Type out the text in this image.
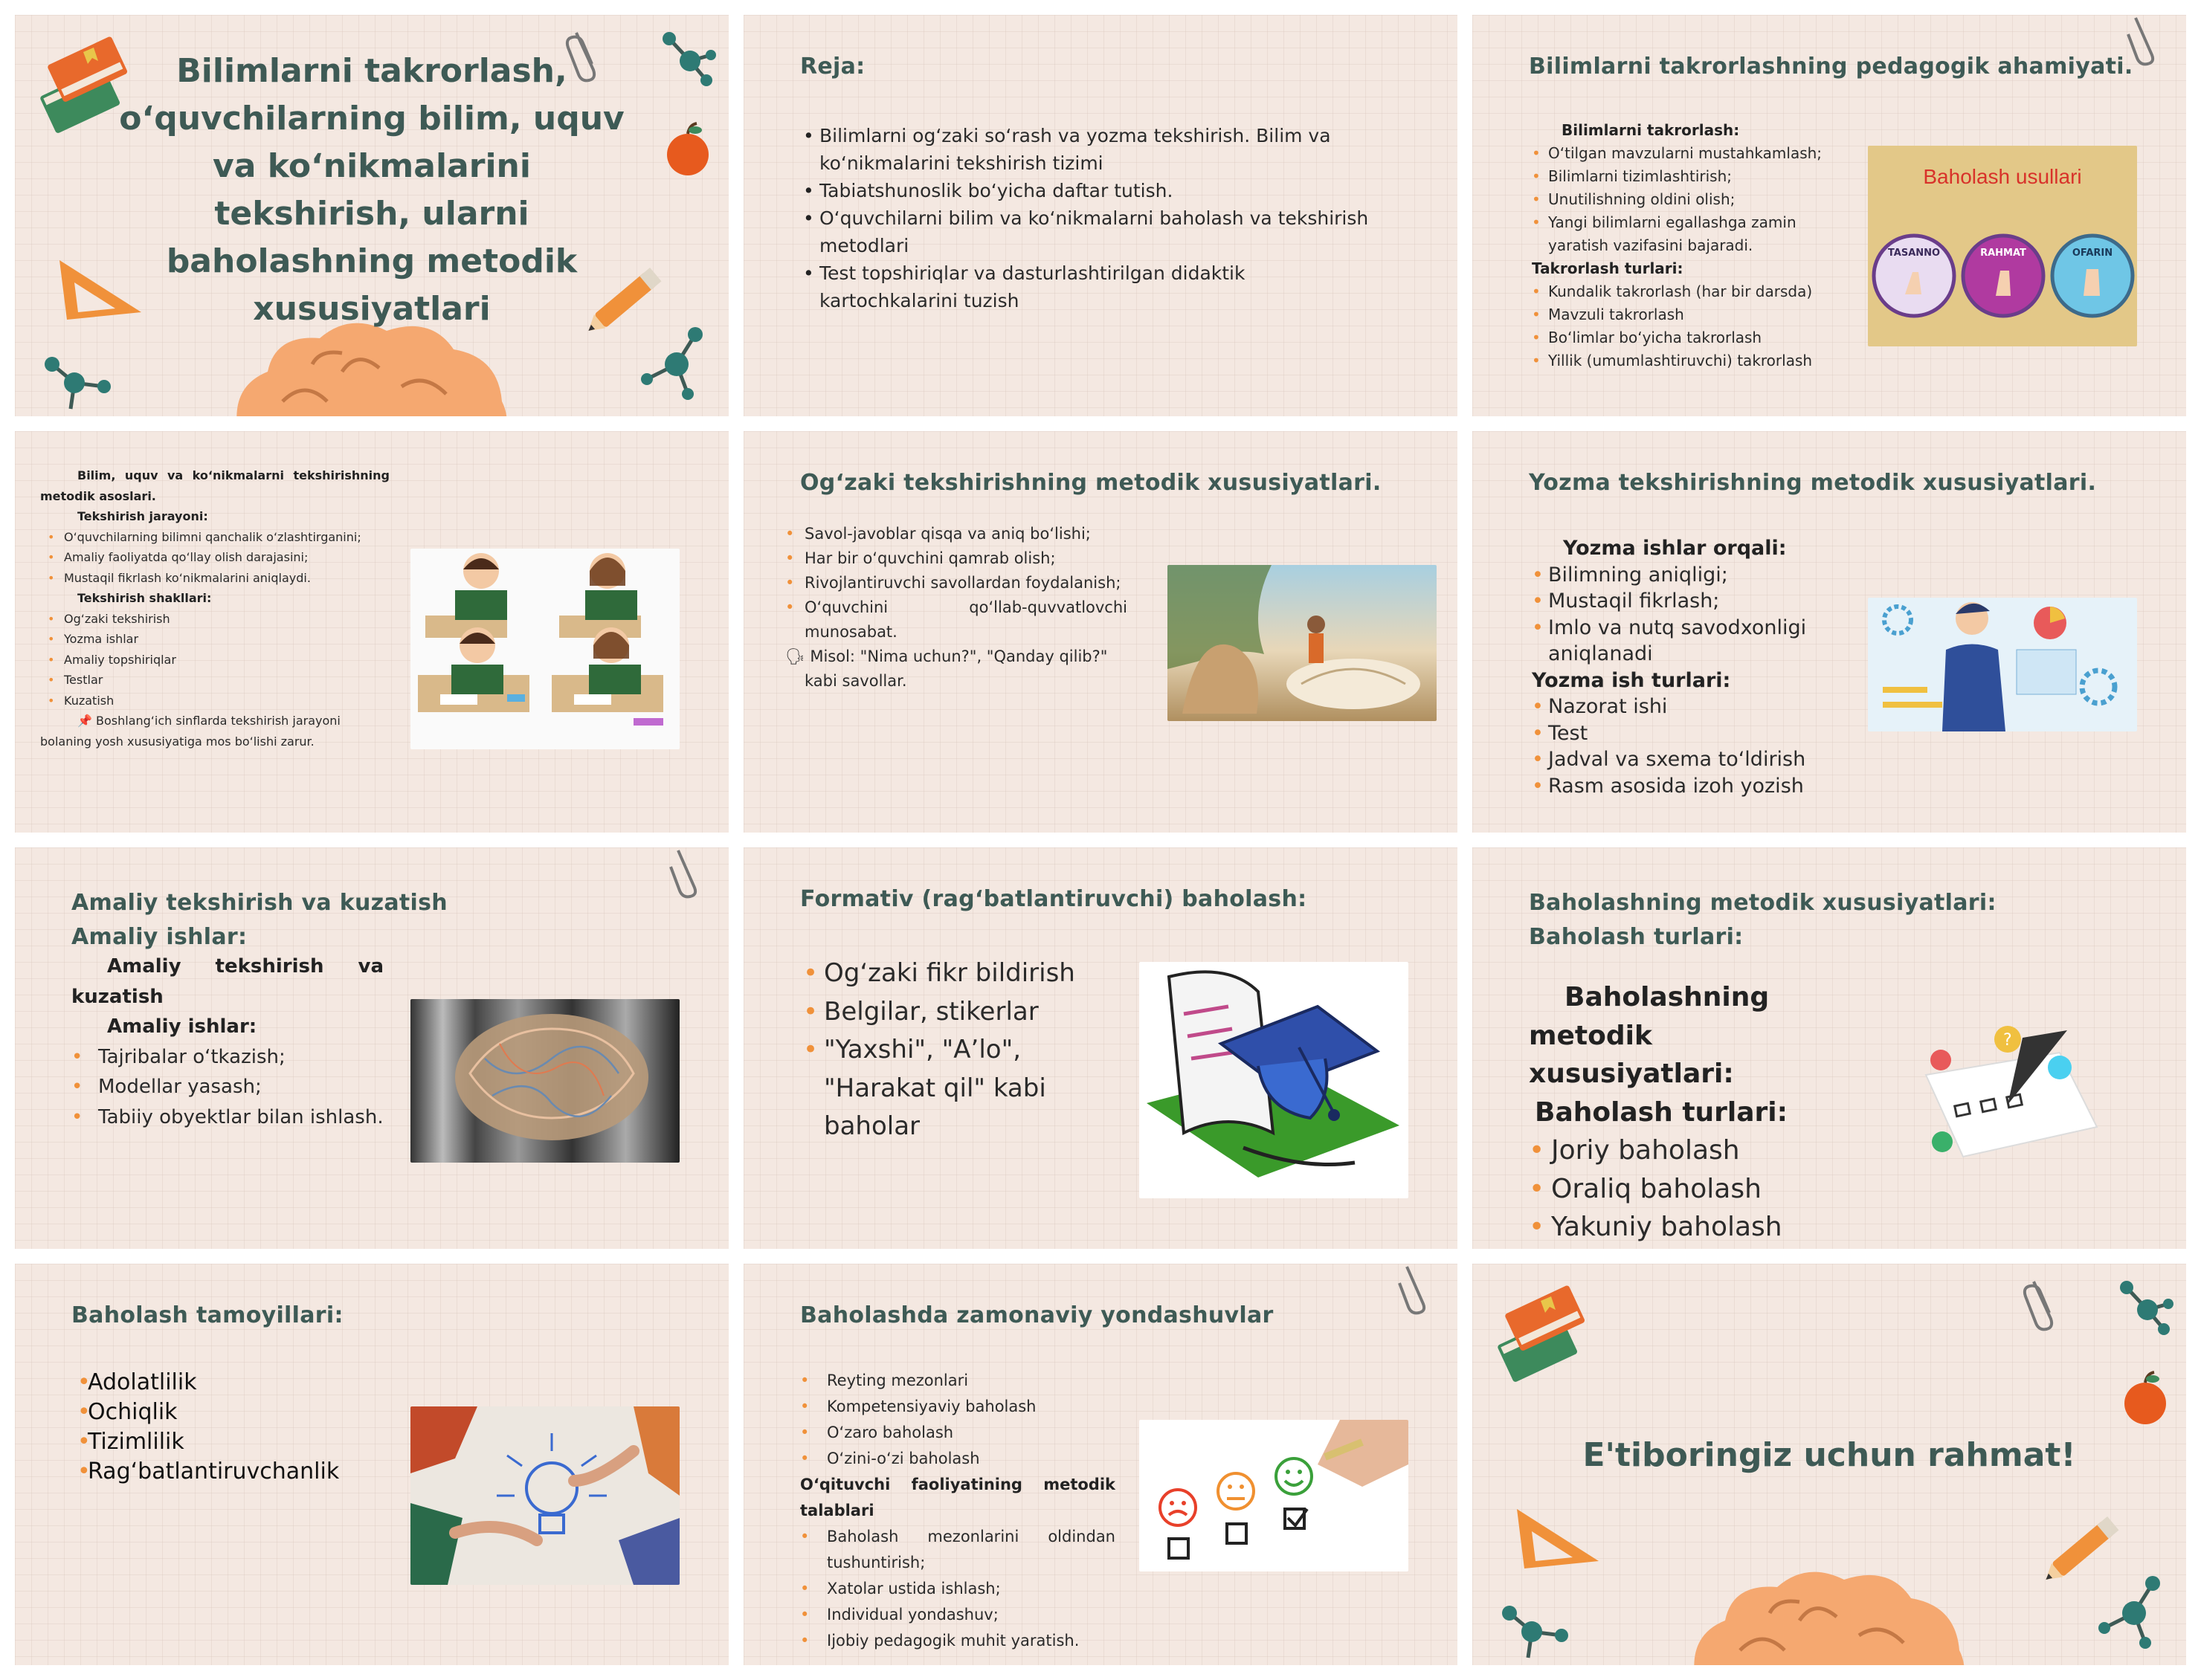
Bilimlarni takrorlash, o‘quvchilarning bilim, uquv va ko‘nikmalarini tekshirish, ularni baholashning metodik xususiyatlari
Reja:
• Bilimlarni og‘zaki so‘rash va yozma tekshirish. Bilim va ko‘nikmalarini tekshirish tizimi
• Tabiatshunoslik bo‘yicha daftar tutish.
• O‘quvchilarni bilim va ko‘nikmalarni baholash va tekshirish metodlari
• Test topshiriqlar va dasturlashtirilgan didaktik kartochkalarini tuzish
Bilimlarni takrorlashning pedagogik ahamiyati.
Bilimlarni takrorlash:
• O‘tilgan mavzularni mustahkamlash;
• Bilimlarni tizimlashtirish;
• Unutilishning oldini olish;
• Yangi bilimlarni egallashga zamin yaratish vazifasini bajaradi.
Takrorlash turlari:
• Kundalik takrorlash (har bir darsda)
• Mavzuli takrorlash
• Bo‘limlar bo‘yicha takrorlash
• Yillik (umumlashtiruvchi) takrorlash
Baholash usullari
TASANNO	RAHMAT	OFARIN
Bilim, uquv va ko‘nikmalarni tekshirishning metodik asoslari.
Tekshirish jarayoni:
• O‘quvchilarning bilimni qanchalik o‘zlashtirganini;
• Amaliy faoliyatda qo‘llay olish darajasini;
• Mustaqil fikrlash ko‘nikmalarini aniqlaydi.
Tekshirish shakllari:
• Og‘zaki tekshirish
• Yozma ishlar
• Amaliy topshiriqlar
• Testlar
• Kuzatish
📌 Boshlang‘ich sinflarda tekshirish jarayoni bolaning yosh xususiyatiga mos bo‘lishi zarur.
Og‘zaki tekshirishning metodik xususiyatlari.
• Savol-javoblar qisqa va aniq bo‘lishi;
• Har bir o‘quvchini qamrab olish;
• Rivojlantiruvchi savollardan foydalanish;
• O‘quvchini qo‘llab-quvvatlovchi munosabat.
🗣 Misol: "Nima uchun?", "Qanday qilib?" kabi savollar.
Yozma tekshirishning metodik xususiyatlari.
Yozma ishlar orqali:
• Bilimning aniqligi;
• Mustaqil fikrlash;
• Imlo va nutq savodxonligi aniqlanadi
Yozma ish turlari:
• Nazorat ishi
• Test
• Jadval va sxema to‘ldirish
• Rasm asosida izoh yozish
Amaliy tekshirish va kuzatish
Amaliy ishlar:
Amaliy tekshirish va kuzatish
Amaliy ishlar:
• Tajribalar o‘tkazish;
• Modellar yasash;
• Tabiiy obyektlar bilan ishlash.
Formativ (rag‘batlantiruvchi) baholash:
• Og‘zaki fikr bildirish
• Belgilar, stikerlar
• "Yaxshi", "A’lo", "Harakat qil" kabi baholar
Baholashning metodik xususiyatlari:
Baholash turlari:
Baholashning metodik xususiyatlari:
Baholash turlari:
• Joriy baholash
• Oraliq baholash
• Yakuniy baholash
?
Baholash tamoyillari:
• Adolatlilik
• Ochiqlik
• Tizimlilik
• Rag‘batlantiruvchanlik
Baholashda zamonaviy yondashuvlar
• Reyting mezonlari
• Kompetensiyaviy baholash
• O‘zaro baholash
• O‘zini-o‘zi baholash
O‘qituvchi faoliyatining metodik talablari
• Baholash mezonlarini oldindan tushuntirish;
• Xatolar ustida ishlash;
• Individual yondashuv;
• Ijobiy pedagogik muhit yaratish.
E'tiboringiz uchun rahmat!
